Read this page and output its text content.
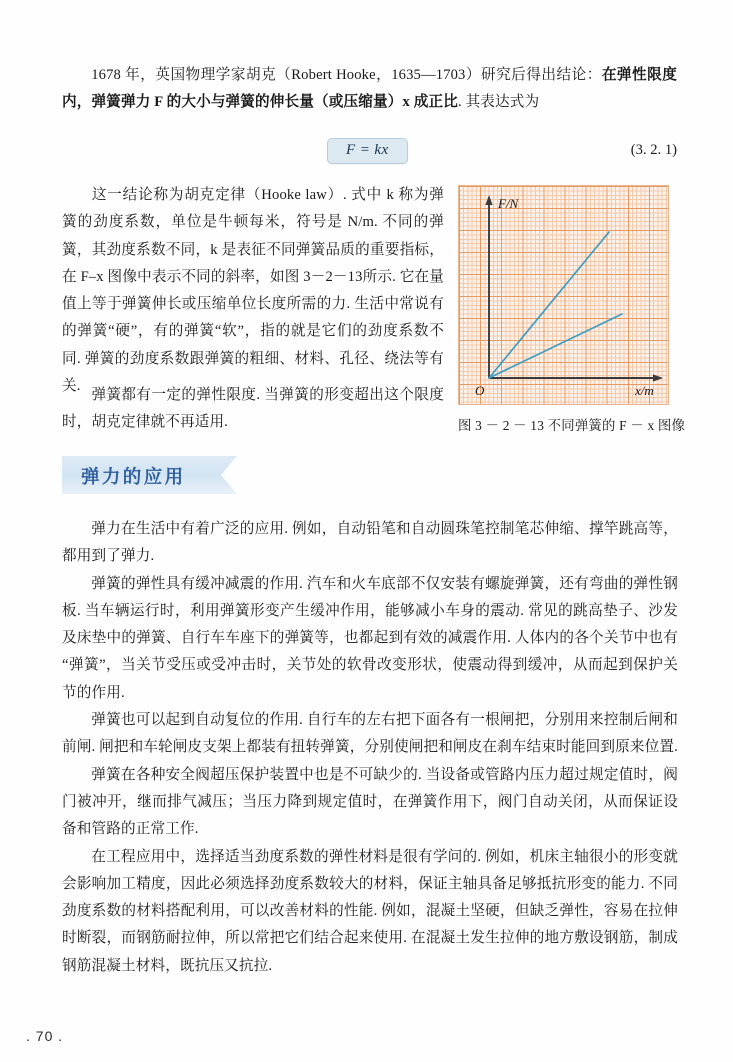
1678 年，英国物理学家胡克（Robert Hooke，1635—1703）研究后得出结论：在弹性限度内，弹簧弹力 F 的大小与弹簧的伸长量（或压缩量）x 成正比. 其表达式为
F = kx	(3. 2. 1)
这一结论称为胡克定律（Hooke law）. 式中 k 称为弹簧的劲度系数，单位是牛顿每米，符号是 N/m. 不同的弹簧，其劲度系数不同，k 是表征不同弹簧品质的重要指标，在 F–x 图像中表示不同的斜率，如图 3－2－13所示. 它在量值上等于弹簧伸长或压缩单位长度所需的力. 生活中常说有的弹簧“硬”，有的弹簧“软”，指的就是它们的劲度系数不同. 弹簧的劲度系数跟弹簧的粗细、材料、孔径、绕法等有关.
弹簧都有一定的弹性限度. 当弹簧的形变超出这个限度时，胡克定律就不再适用.
F/N
x/m
O
图 3 － 2 － 13 不同弹簧的 F － x 图像
弹力的应用
弹力在生活中有着广泛的应用. 例如，自动铅笔和自动圆珠笔控制笔芯伸缩、撑竿跳高等，都用到了弹力.
弹簧的弹性具有缓冲减震的作用. 汽车和火车底部不仅安装有螺旋弹簧，还有弯曲的弹性钢板. 当车辆运行时，利用弹簧形变产生缓冲作用，能够减小车身的震动. 常见的跳高垫子、沙发及床垫中的弹簧、自行车车座下的弹簧等，也都起到有效的减震作用. 人体内的各个关节中也有“弹簧”，当关节受压或受冲击时，关节处的软骨改变形状，使震动得到缓冲，从而起到保护关节的作用.
弹簧也可以起到自动复位的作用. 自行车的左右把下面各有一根闸把，分别用来控制后闸和前闸. 闸把和车轮闸皮支架上都装有扭转弹簧，分别使闸把和闸皮在刹车结束时能回到原来位置.
弹簧在各种安全阀超压保护装置中也是不可缺少的. 当设备或管路内压力超过规定值时，阀门被冲开，继而排气减压；当压力降到规定值时，在弹簧作用下，阀门自动关闭，从而保证设备和管路的正常工作.
在工程应用中，选择适当劲度系数的弹性材料是很有学问的. 例如，机床主轴很小的形变就会影响加工精度，因此必须选择劲度系数较大的材料，保证主轴具备足够抵抗形变的能力. 不同劲度系数的材料搭配利用，可以改善材料的性能. 例如，混凝土坚硬，但缺乏弹性，容易在拉伸时断裂，而钢筋耐拉伸，所以常把它们结合起来使用. 在混凝土发生拉伸的地方敷设钢筋，制成钢筋混凝土材料，既抗压又抗拉.
. 70 .
